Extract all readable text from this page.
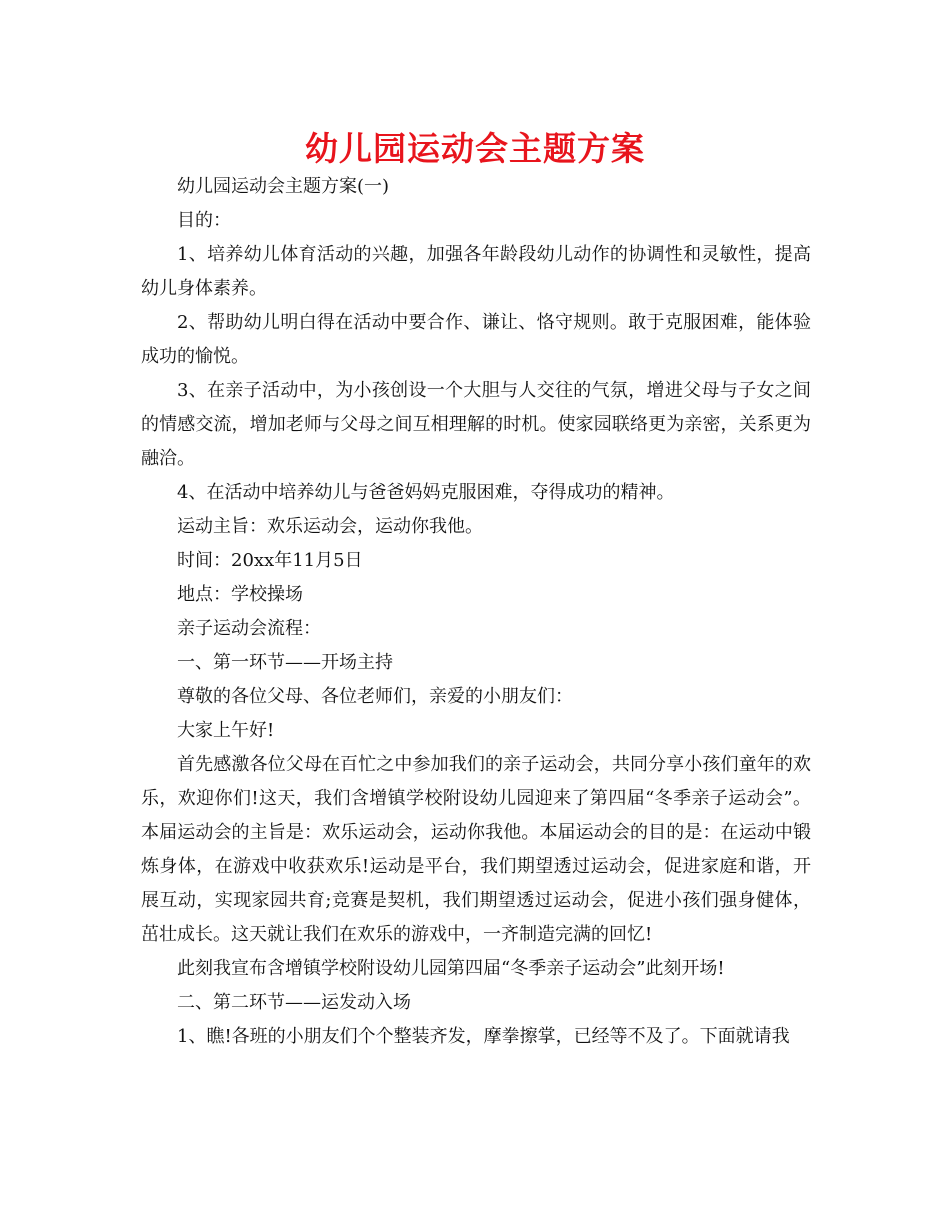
幼儿园运动会主题方案

幼儿园运动会主题方案(一)

目的：

1、培养幼儿体育活动的兴趣，加强各年龄段幼儿动作的协调性和灵敏性，提高幼儿身体素养。

2、帮助幼儿明白得在活动中要合作、谦让、恪守规则。敢于克服困难，能体验成功的愉悦。

3、在亲子活动中，为小孩创设一个大胆与人交往的气氛，增进父母与子女之间的情感交流，增加老师与父母之间互相理解的时机。使家园联络更为亲密，关系更为融洽。

4、在活动中培养幼儿与爸爸妈妈克服困难，夺得成功的精神。

运动主旨：欢乐运动会，运动你我他。

时间：20xx年11月5日

地点：学校操场

亲子运动会流程：

一、第一环节——开场主持

尊敬的各位父母、各位老师们，亲爱的小朋友们：

大家上午好!

首先感激各位父母在百忙之中参加我们的亲子运动会，共同分享小孩们童年的欢乐，欢迎你们!这天，我们含增镇学校附设幼儿园迎来了第四届“冬季亲子运动会”。本届运动会的主旨是：欢乐运动会，运动你我他。本届运动会的目的是：在运动中锻炼身体，在游戏中收获欢乐!运动是平台，我们期望透过运动会，促进家庭和谐，开展互动，实现家园共育;竞赛是契机，我们期望透过运动会，促进小孩们强身健体，茁壮成长。这天就让我们在欢乐的游戏中，一齐制造完满的回忆!

此刻我宣布含增镇学校附设幼儿园第四届“冬季亲子运动会”此刻开场!

二、第二环节——运发动入场

1、瞧!各班的小朋友们个个整装齐发，摩拳擦掌，已经等不及了。下面就请我
